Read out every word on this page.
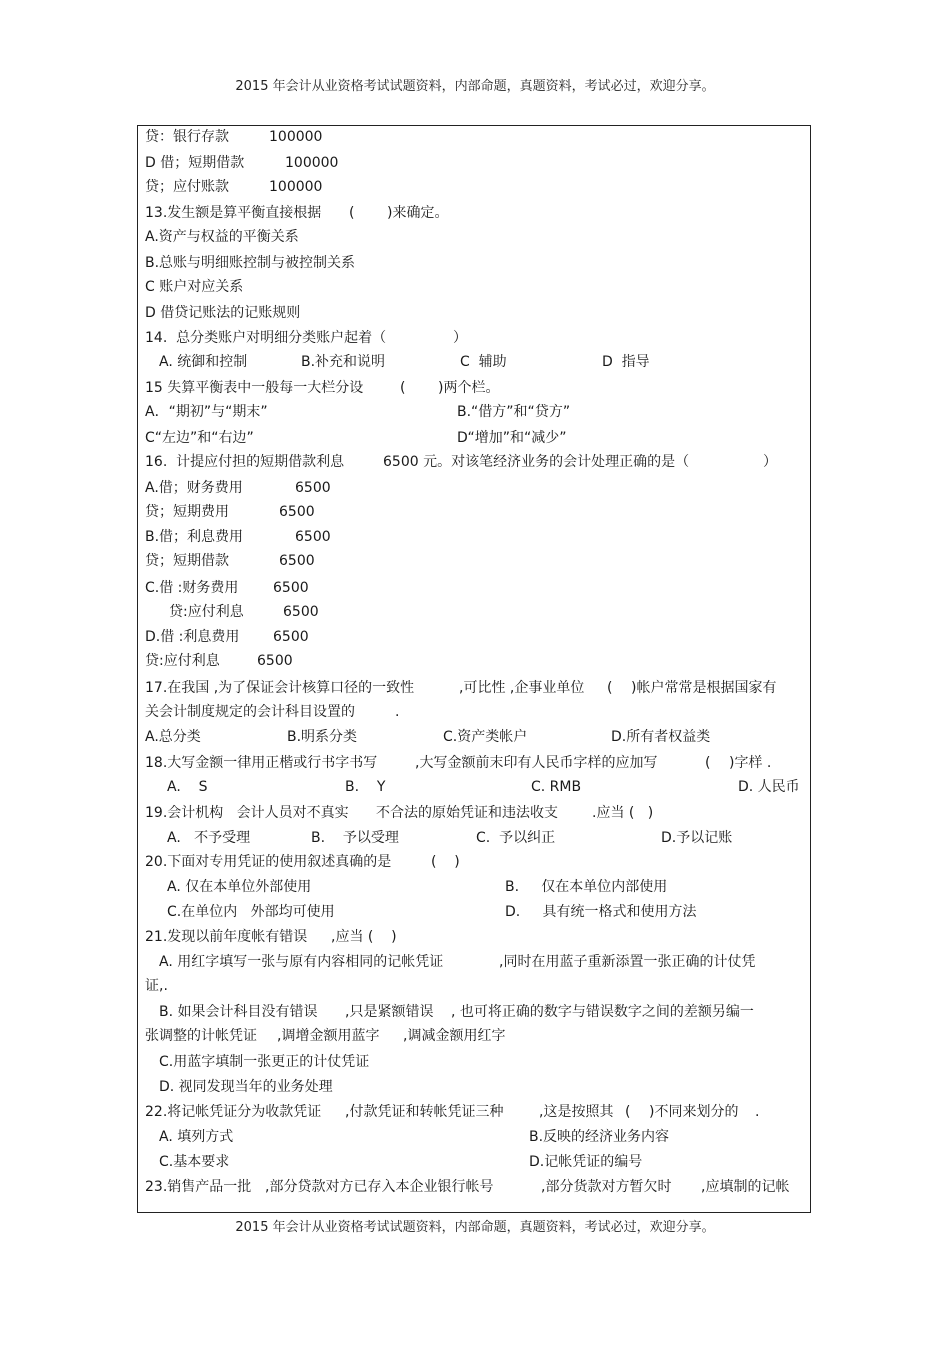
2015 年会计从业资格考试试题资料，内部命题，真题资料，考试必过，欢迎分享。
贷：银行存款	100000
D 借；短期借款	100000
贷；应付账款	100000
13.发生额是算平衡直接根据 ( )来确定。
A.资产与权益的平衡关系
B.总账与明细账控制与被控制关系
C 账户对应关系
D 借贷记账法的记账规则
14.  总分类账户对明细分类账户起着（	）
A. 统御和控制	B.补充和说明	C  辅助	D  指导
15 失算平衡表中一般每一大栏分设	( )两个栏。
A．“期初”与“期末”	B.“借方”和“贷方”
C“左边”和“右边”	D“增加”和“减少”
16.  计提应付担的短期借款利息	6500 元。对该笔经济业务的会计处理正确的是（	）
A.借；财务费用	6500
贷；短期费用	6500
B.借；利息费用	6500
贷；短期借款	6500
C.借 :财务费用 6500
贷:应付利息	6500
D.借 :利息费用 6500
贷:应付利息	6500
17.在我国 ,为了保证会计核算口径的一致性	,可比性 ,企事业单位 ( )帐户常常是根据国家有
关会计制度规定的会计科目设置的	.
A.总分类	B.明系分类	C.资产类帐户	D.所有者权益类
18.大写金额一律用正楷或行书字书写	,大写金额前末印有人民币字样的应加写	( )字样 .
A.    S	B.    Y	C. RMB	D. 人民币
19.会计机构   会计人员对不真实 不合法的原始凭证和违法收支 .应当 (   )
A.   不予受理	B.    予以受理	C.  予以纠正	D.予以记账
20.下面对专用凭证的使用叙述真确的是	(    )
A. 仅在本单位外部使用	B.     仅在本单位内部使用
C.在单位内   外部均可使用	D.     具有统一格式和使用方法
21.发现以前年度帐有错误 ,应当 (    )
A. 用红字填写一张与原有内容相同的记帐凭证	,同时在用蓝子重新添置一张正确的计仗凭
证,.
B. 如果会计科目没有错误 ,只是紧额错误 , 也可将正确的数字与错误数字之间的差额另编一
张调整的计帐凭证 ,调增金额用蓝字 ,调减金额用红字
C.用蓝字填制一张更正的计仗凭证
D. 视同发现当年的业务处理
22.将记帐凭证分为收款凭证 ,付款凭证和转帐凭证三种	,这是按照其 ( )不同来划分的 .
A. 填列方式	B.反映的经济业务内容
C.基本要求	D.记帐凭证的编号
23.销售产品一批 ,部分贷款对方已存入本企业银行帐号	,部分货款对方暂欠时 ,应填制的记帐
2015 年会计从业资格考试试题资料，内部命题，真题资料，考试必过，欢迎分享。
